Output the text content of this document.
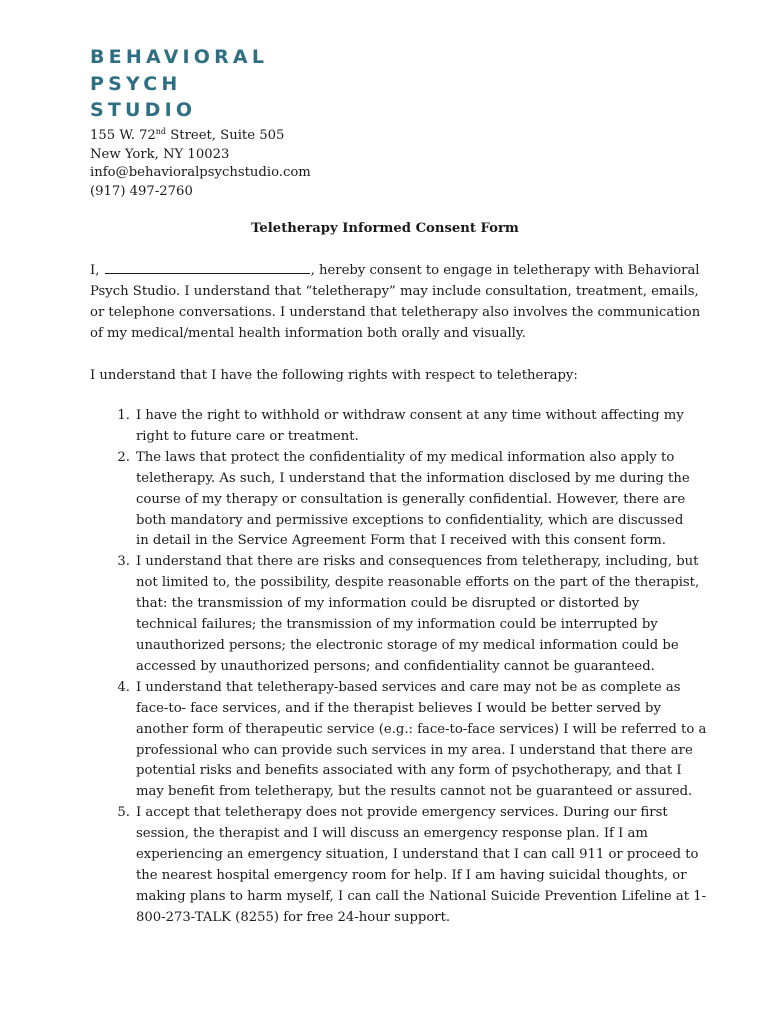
BEHAVIORAL
PSYCH
STUDIO
155 W. 72nd Street, Suite 505
New York, NY 10023
info@behavioralpsychstudio.com
(917) 497-2760
Teletherapy Informed Consent Form
I,	, hereby consent to engage in teletherapy with Behavioral
Psych Studio. I understand that “teletherapy” may include consultation, treatment, emails,
or telephone conversations. I understand that teletherapy also involves the communication
of my medical/mental health information both orally and visually.
I understand that I have the following rights with respect to teletherapy:
1. I have the right to withhold or withdraw consent at any time without affecting my
right to future care or treatment.
2. The laws that protect the confidentiality of my medical information also apply to
teletherapy. As such, I understand that the information disclosed by me during the
course of my therapy or consultation is generally confidential. However, there are
both mandatory and permissive exceptions to confidentiality, which are discussed
in detail in the Service Agreement Form that I received with this consent form.
3. I understand that there are risks and consequences from teletherapy, including, but
not limited to, the possibility, despite reasonable efforts on the part of the therapist,
that: the transmission of my information could be disrupted or distorted by
technical failures; the transmission of my information could be interrupted by
unauthorized persons; the electronic storage of my medical information could be
accessed by unauthorized persons; and confidentiality cannot be guaranteed.
4. I understand that teletherapy-based services and care may not be as complete as
face-to- face services, and if the therapist believes I would be better served by
another form of therapeutic service (e.g.: face-to-face services) I will be referred to a
professional who can provide such services in my area. I understand that there are
potential risks and benefits associated with any form of psychotherapy, and that I
may benefit from teletherapy, but the results cannot not be guaranteed or assured.
5. I accept that teletherapy does not provide emergency services. During our first
session, the therapist and I will discuss an emergency response plan. If I am
experiencing an emergency situation, I understand that I can call 911 or proceed to
the nearest hospital emergency room for help. If I am having suicidal thoughts, or
making plans to harm myself, I can call the National Suicide Prevention Lifeline at 1-
800-273-TALK (8255) for free 24-hour support.
